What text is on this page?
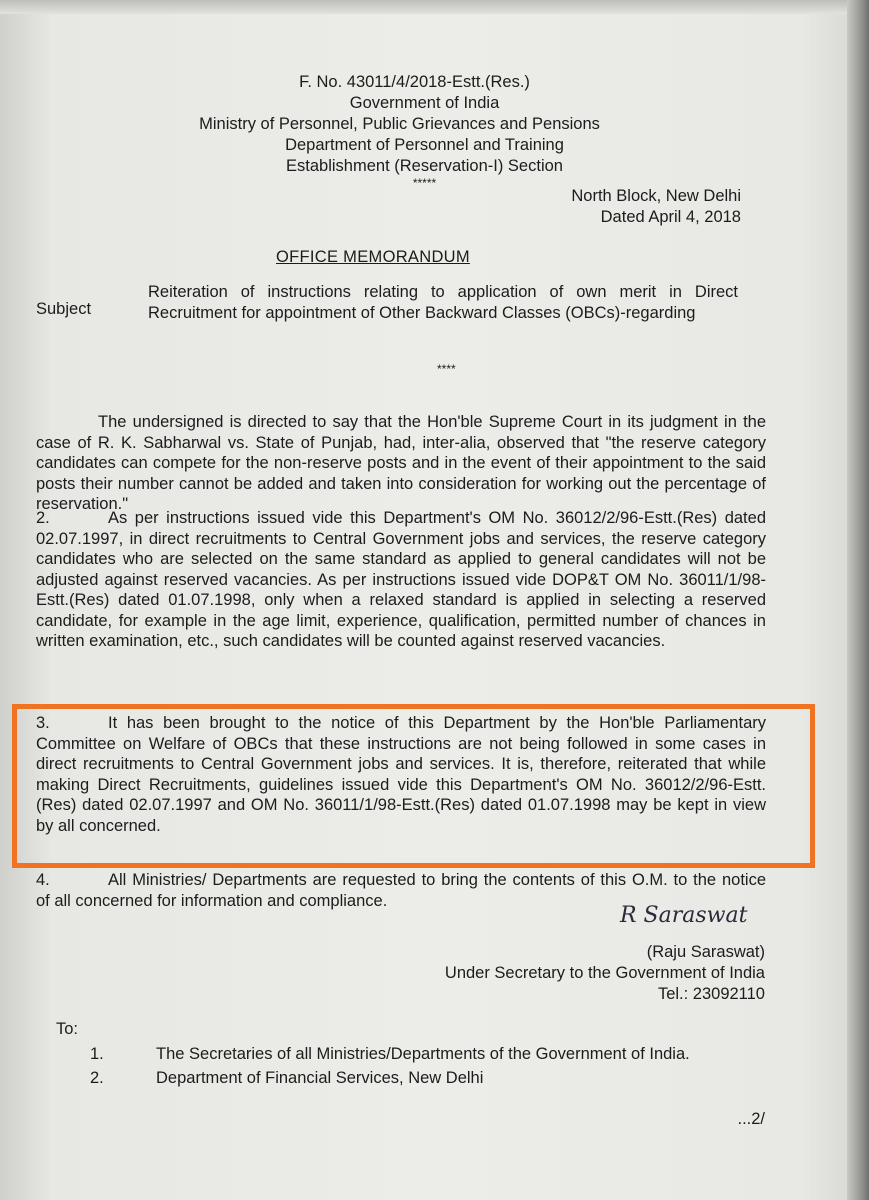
F. No. 43011/4/2018-Estt.(Res.)
Government of India
Ministry of Personnel, Public Grievances and Pensions
Department of Personnel and Training
Establishment (Reservation-I) Section
*****
North Block, New Delhi
Dated April 4, 2018
OFFICE MEMORANDUM
Subject
Reiteration of instructions relating to application of own merit in Direct Recruitment for appointment of Other Backward Classes (OBCs)-regarding
****
The undersigned is directed to say that the Hon'ble Supreme Court in its judgment in the case of R. K. Sabharwal vs. State of Punjab, had, inter-alia, observed that "the reserve category candidates can compete for the non-reserve posts and in the event of their appointment to the said posts their number cannot be added and taken into consideration for working out the percentage of reservation."
2.	As per instructions issued vide this Department's OM No. 36012/2/96-Estt.(Res) dated 02.07.1997, in direct recruitments to Central Government jobs and services, the reserve category candidates who are selected on the same standard as applied to general candidates will not be adjusted against reserved vacancies. As per instructions issued vide DOP&T OM No. 36011/1/98-Estt.(Res) dated 01.07.1998, only when a relaxed standard is applied in selecting a reserved candidate, for example in the age limit, experience, qualification, permitted number of chances in written examination, etc., such candidates will be counted against reserved vacancies.
3.	It has been brought to the notice of this Department by the Hon'ble Parliamentary Committee on Welfare of OBCs that these instructions are not being followed in some cases in direct recruitments to Central Government jobs and services. It is, therefore, reiterated that while making Direct Recruitments, guidelines issued vide this Department's OM No. 36012/2/96-Estt.(Res) dated 02.07.1997 and OM No. 36011/1/98-Estt.(Res) dated 01.07.1998 may be kept in view by all concerned.
4.	All Ministries/ Departments are requested to bring the contents of this O.M. to the notice of all concerned for information and compliance.
R Saraswat
(Raju Saraswat)
Under Secretary to the Government of India
Tel.: 23092110
To:
1.	The Secretaries of all Ministries/Departments of the Government of India.
2.	Department of Financial Services, New Delhi
...2/
